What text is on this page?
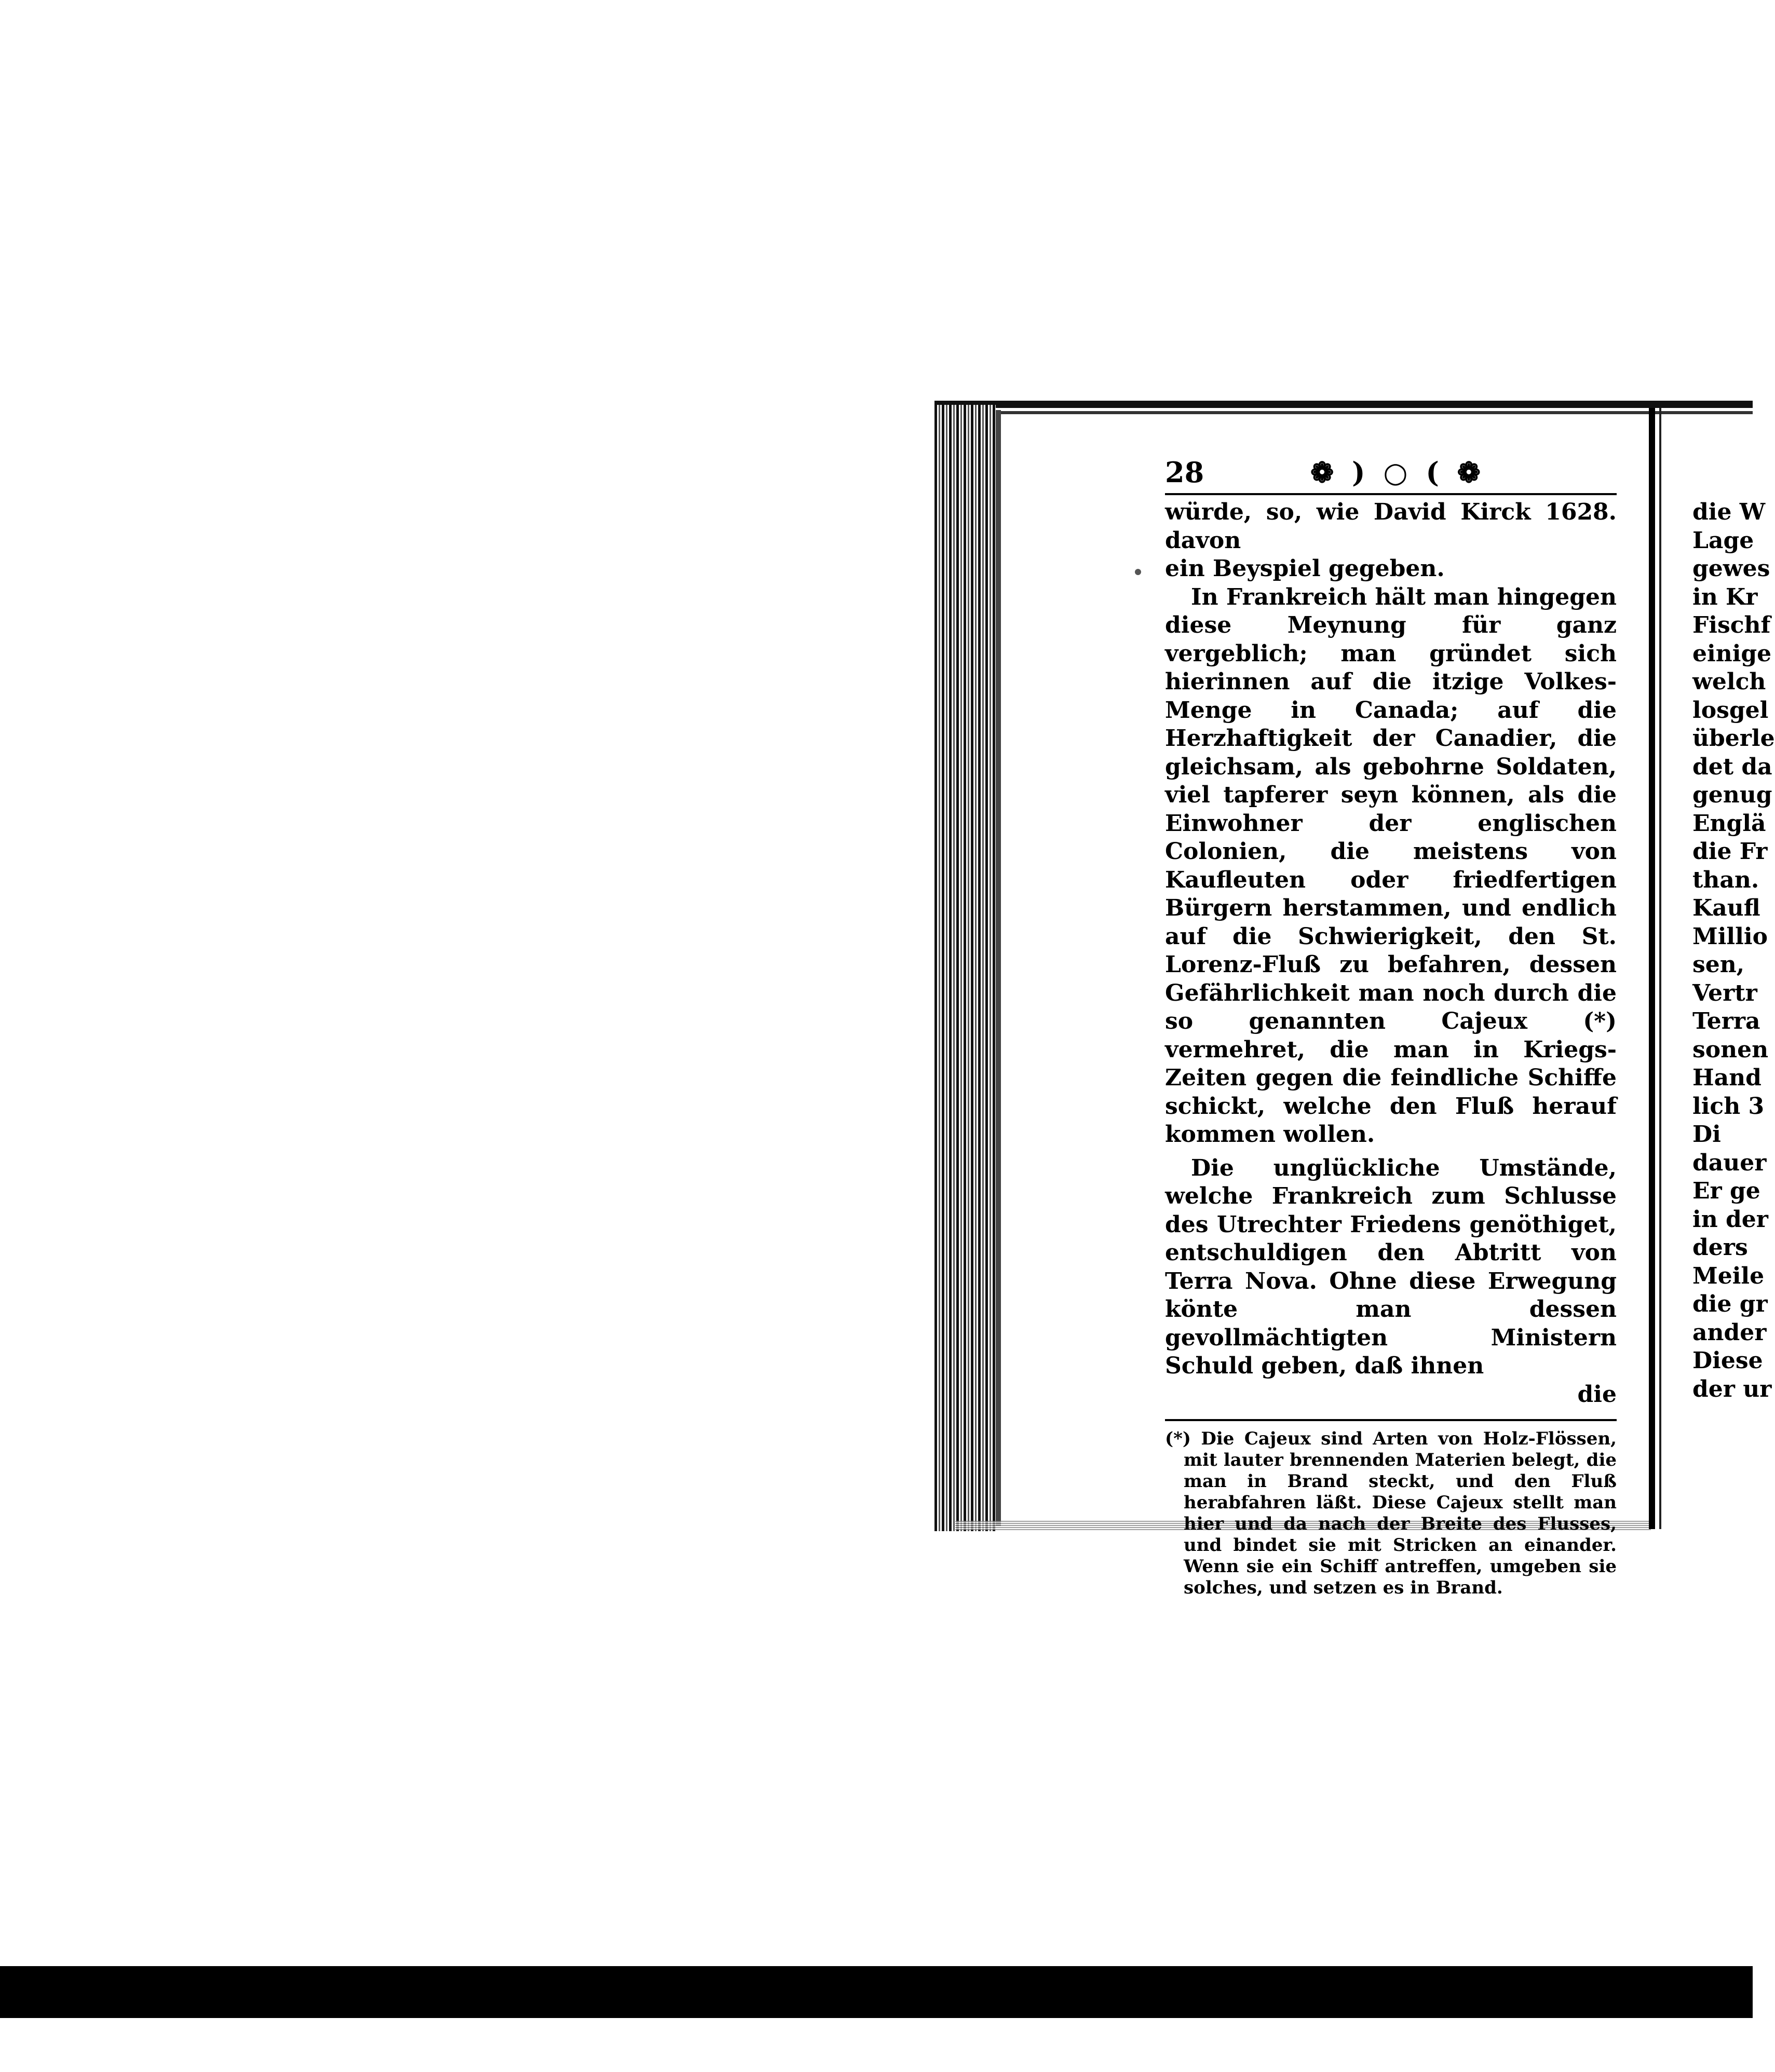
28	❁ ) ○ ( ❁

würde, so, wie David Kirck 1628. davon

ein Beyspiel gegeben.

In Frankreich hält man hingegen diese Meynung für ganz vergeblich; man gründet sich hierinnen auf die itzige Volkes-Menge in Canada; auf die Herzhaftigkeit der Canadier, die gleichsam, als gebohrne Soldaten, viel tapferer seyn können, als die Einwohner der englischen Colonien, die meistens von Kaufleuten oder friedfertigen Bürgern herstammen, und endlich auf die Schwierigkeit, den St. Lorenz-Fluß zu befahren, dessen Gefährlichkeit man noch durch die so genannten Cajeux (*) vermehret, die man in Kriegs-Zeiten gegen die feindliche Schiffe schickt, welche den Fluß herauf kommen wollen.

Die unglückliche Umstände, welche Frankreich zum Schlusse des Utrechter Friedens genöthiget, entschuldigen den Abtritt von Terra Nova. Ohne diese Erwegung könte man dessen gevollmächtigten Ministern Schuld geben, daß ihnen

die
(*) Die Cajeux sind Arten von Holz-Flössen, mit lauter brennenden Materien belegt, die man in Brand steckt, und den Fluß herabfahren läßt. Diese Cajeux stellt man hier und da nach der Breite des Flusses, und bindet sie mit Stricken an einander. Wenn sie ein Schiff antreffen, umgeben sie solches, und setzen es in Brand.
die W
Lage
gewes
in Kr
Fischf
einige
welch
losgel
überle
det da
genug
Englä
die Fr
than.
Kaufl
Millio
sen,
Vertr
Terra
sonen
Hand
lich 3
Di
dauer
Er ge
in der
ders
Meile
die gr
ander
Diese
der ur
